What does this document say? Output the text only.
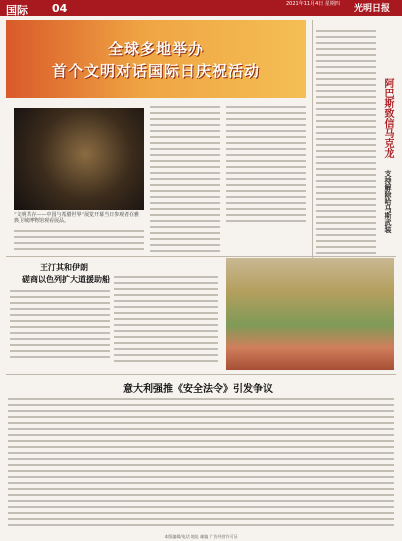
国际 04	2021年11月4日 星期四 光明日报
全球多地举办
首个文明对话国际日庆祝活动
“文明共存——中国与希腊世界”展览开幕当日参观者在雅典卫城博物馆观看展品。
阿巴斯致信马克龙
支持解除哈马斯武装
王汀其和伊朗
磋商以色列扩大道援助船
意大利强推《安全法令》引发争议
本版编辑/电话 地址 邮编 广告经营许可证
